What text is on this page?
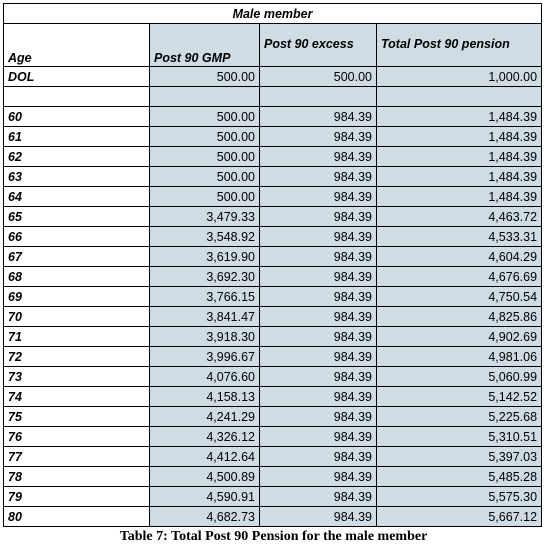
Male member			
Age	Post 90 GMP	Post 90 excess	Total Post 90 pension
DOL	500.00	500.00	1,000.00

60	500.00	984.39	1,484.39
61	500.00	984.39	1,484.39
62	500.00	984.39	1,484.39
63	500.00	984.39	1,484.39
64	500.00	984.39	1,484.39
65	3,479.33	984.39	4,463.72
66	3,548.92	984.39	4,533.31
67	3,619.90	984.39	4,604.29
68	3,692.30	984.39	4,676.69
69	3,766.15	984.39	4,750.54
70	3,841.47	984.39	4,825.86
71	3,918.30	984.39	4,902.69
72	3,996.67	984.39	4,981.06
73	4,076.60	984.39	5,060.99
74	4,158.13	984.39	5,142.52
75	4,241.29	984.39	5,225.68
76	4,326.12	984.39	5,310.51
77	4,412.64	984.39	5,397.03
78	4,500.89	984.39	5,485.28
79	4,590.91	984.39	5,575.30
80	4,682.73	984.39	5,667.12
Table 7: Total Post 90 Pension for the male member
